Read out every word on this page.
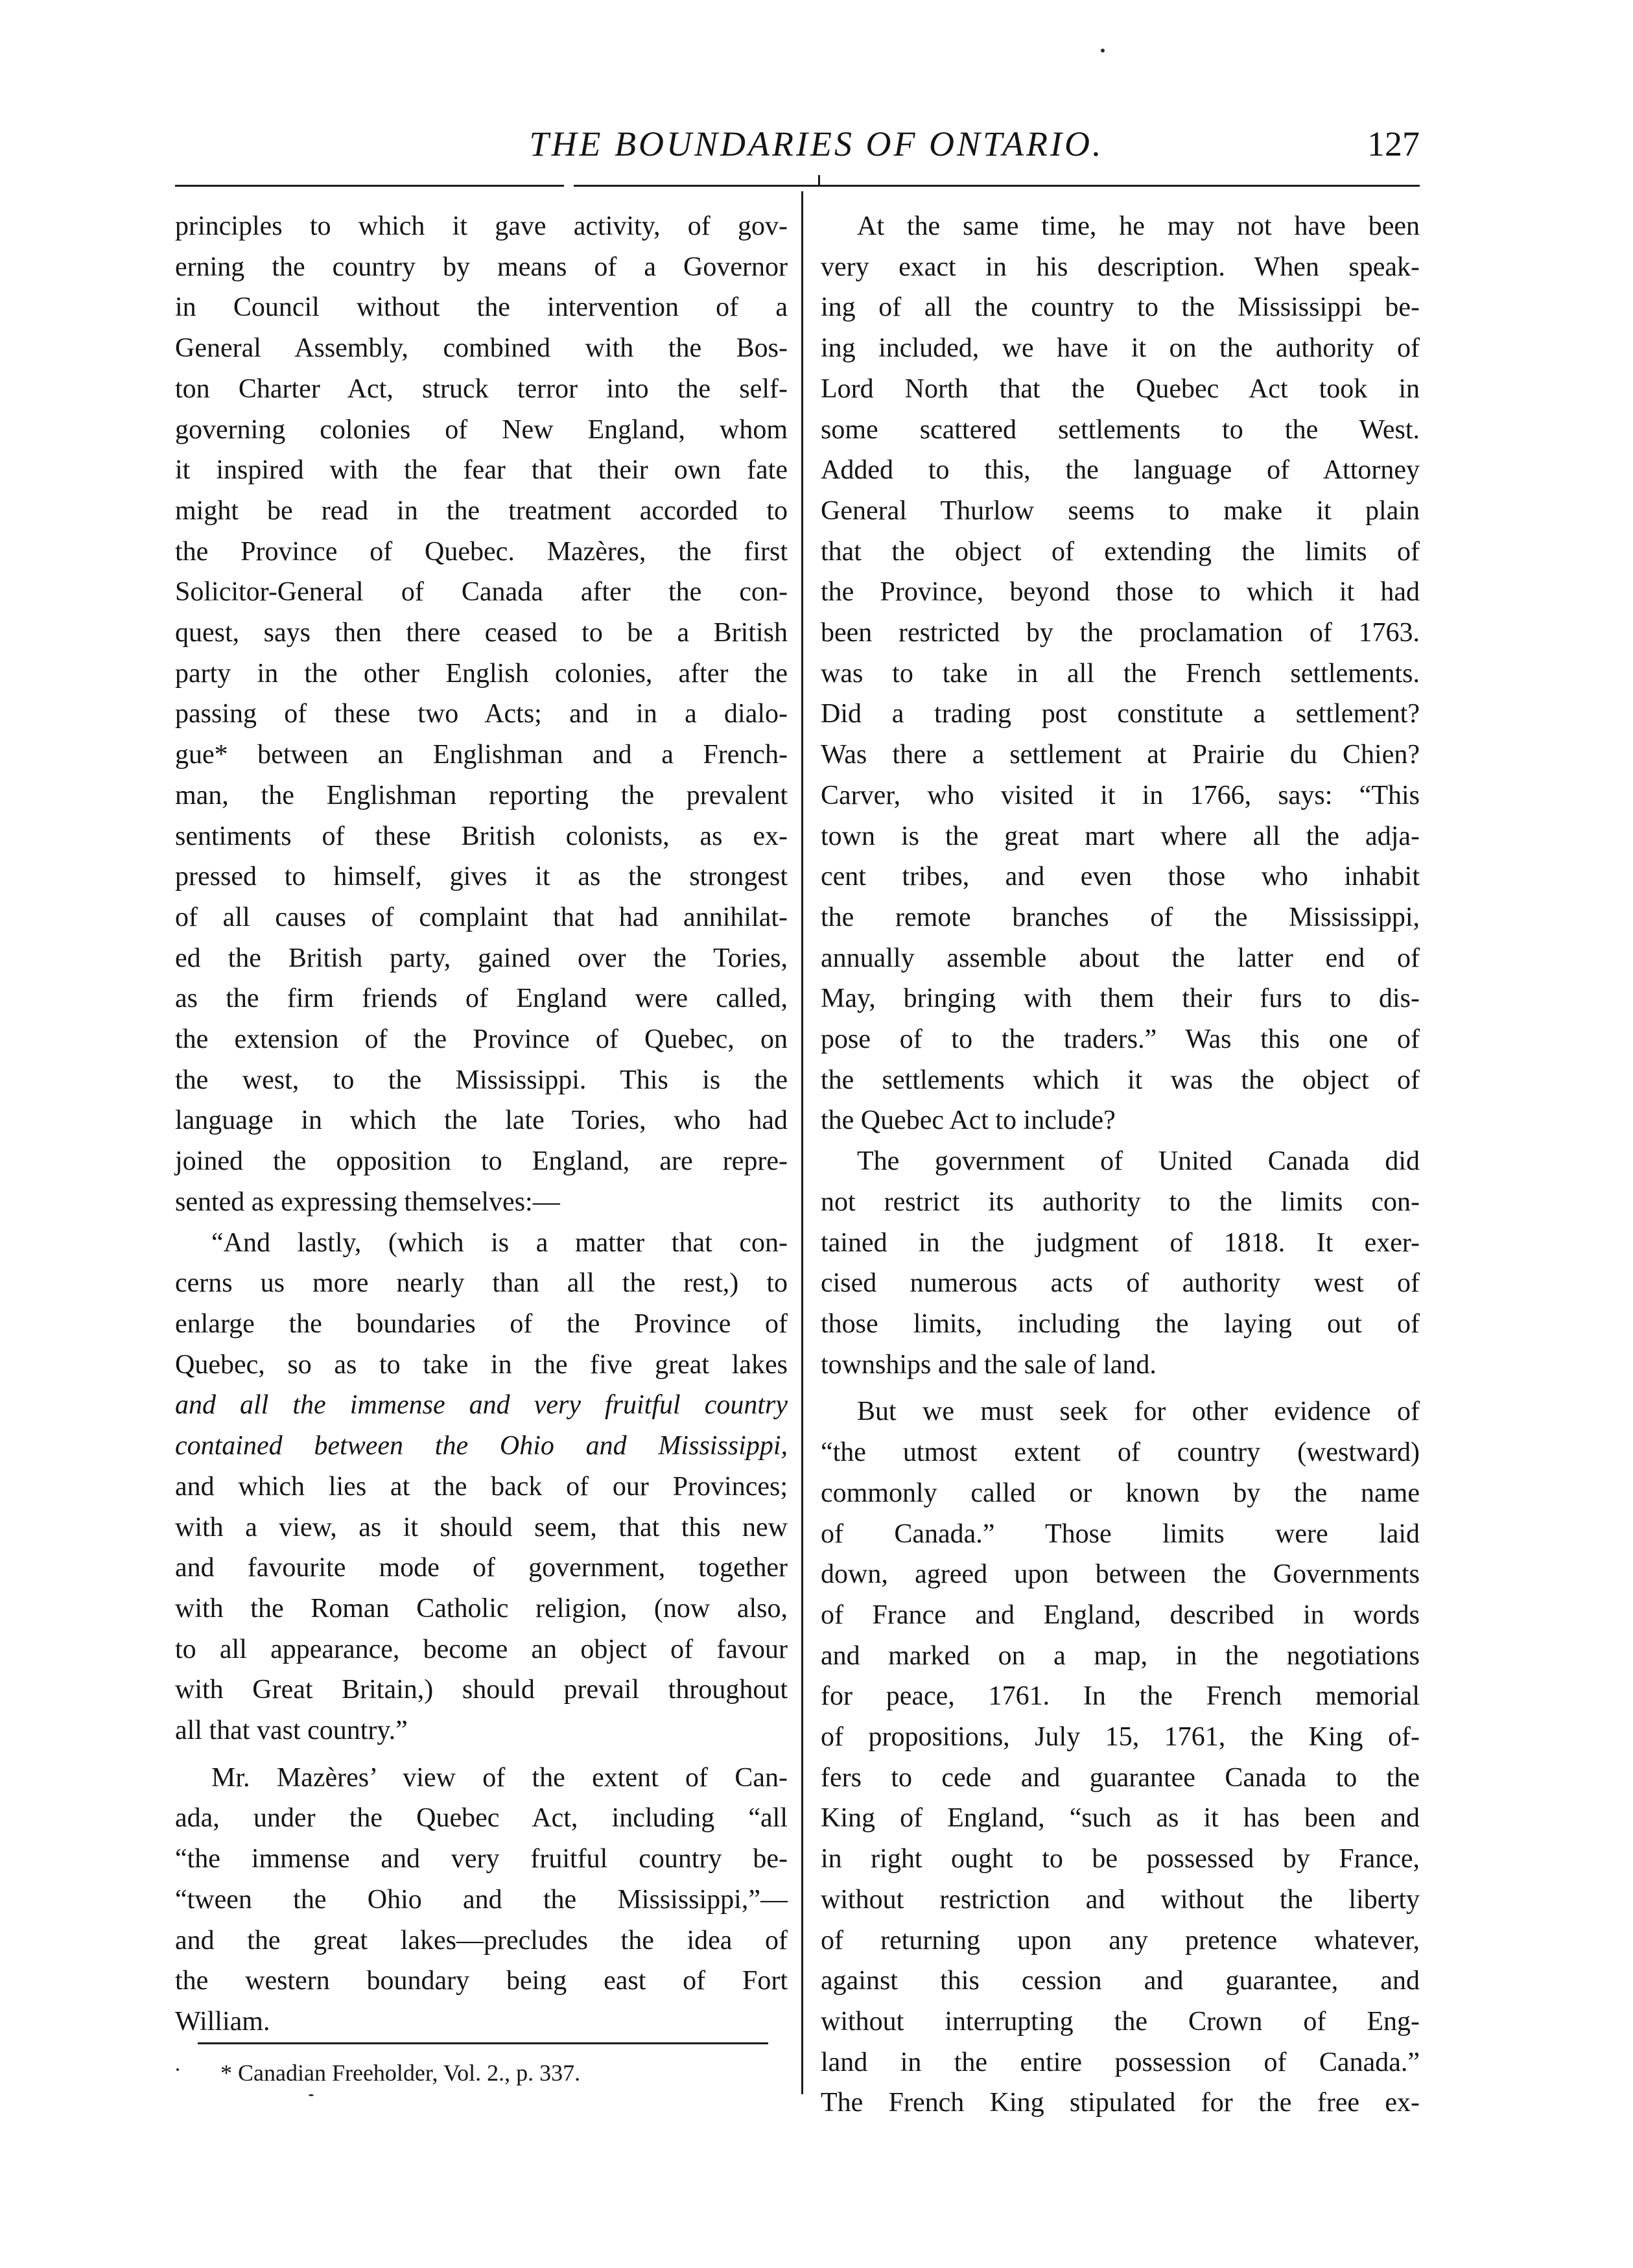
THE BOUNDARIES OF ONTARIO.	127
principles to which it gave activity, of gov-
erning the country by means of a Governor
in Council without the intervention of a
General Assembly, combined with the Bos-
ton Charter Act, struck terror into the self-
governing colonies of New England, whom
it inspired with the fear that their own fate
might be read in the treatment accorded to
the Province of Quebec. Mazères, the first
Solicitor-General of Canada after the con-
quest, says then there ceased to be a British
party in the other English colonies, after the
passing of these two Acts; and in a dialo-
gue* between an Englishman and a French-
man, the Englishman reporting the prevalent
sentiments of these British colonists, as ex-
pressed to himself, gives it as the strongest
of all causes of complaint that had annihilat-
ed the British party, gained over the Tories,
as the firm friends of England were called,
the extension of the Province of Quebec, on
the west, to the Mississippi. This is the
language in which the late Tories, who had
joined the opposition to England, are repre-
sented as expressing themselves:—
“And lastly, (which is a matter that con-
cerns us more nearly than all the rest,) to
enlarge the boundaries of the Province of
Quebec, so as to take in the five great lakes
and all the immense and very fruitful country
contained between the Ohio and Mississippi,
and which lies at the back of our Provinces;
with a view, as it should seem, that this new
and favourite mode of government, together
with the Roman Catholic religion, (now also,
to all appearance, become an object of favour
with Great Britain,) should prevail throughout
all that vast country.”
Mr. Mazères’ view of the extent of Can-
ada, under the Quebec Act, including “all
“the immense and very fruitful country be-
“tween the Ohio and the Mississippi,”—
and the great lakes—precludes the idea of
the western boundary being east of Fort
William.
At the same time, he may not have been
very exact in his description. When speak-
ing of all the country to the Mississippi be-
ing included, we have it on the authority of
Lord North that the Quebec Act took in
some scattered settlements to the West.
Added to this, the language of Attorney
General Thurlow seems to make it plain
that the object of extending the limits of
the Province, beyond those to which it had
been restricted by the proclamation of 1763.
was to take in all the French settlements.
Did a trading post constitute a settlement?
Was there a settlement at Prairie du Chien?
Carver, who visited it in 1766, says: “This
town is the great mart where all the adja-
cent tribes, and even those who inhabit
the remote branches of the Mississippi,
annually assemble about the latter end of
May, bringing with them their furs to dis-
pose of to the traders.” Was this one of
the settlements which it was the object of
the Quebec Act to include?
The government of United Canada did
not restrict its authority to the limits con-
tained in the judgment of 1818. It exer-
cised numerous acts of authority west of
those limits, including the laying out of
townships and the sale of land.
But we must seek for other evidence of
“the utmost extent of country (westward)
commonly called or known by the name
of Canada.” Those limits were laid
down, agreed upon between the Governments
of France and England, described in words
and marked on a map, in the negotiations
for peace, 1761. In the French memorial
of propositions, July 15, 1761, the King of-
fers to cede and guarantee Canada to the
King of England, “such as it has been and
in right ought to be possessed by France,
without restriction and without the liberty
of returning upon any pretence whatever,
against this cession and guarantee, and
without interrupting the Crown of Eng-
land in the entire possession of Canada.”
The French King stipulated for the free ex-
* Canadian Freeholder, Vol. 2., p. 337.
